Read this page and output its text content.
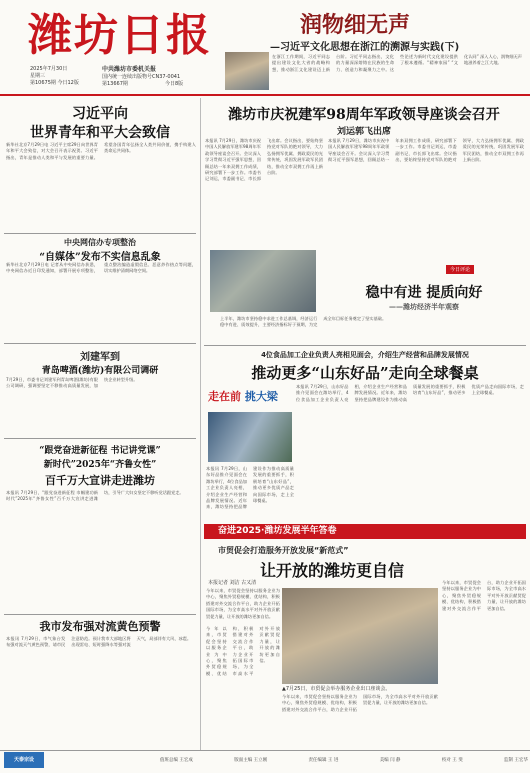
潍坊日报
2025年7月30日
星期三
第10675期 今日12版
中共潍坊市委机关报
国内统一连续出版物号CN37-0041
第13667期	今日8版
润物细无声
—习近平文化思想在浙江的溯源与实践(下)
在浙江工作期间，习近平同志提出建设文化大省的战略构想，推动浙江文化建设迈上新台阶。习近平同志指出，文化的力量深深熔铸在民族的生命力、创造力和凝聚力之中。这些论述为新时代文化建设提供了根本遵循。“精神家园” “文化认同” 深入人心，润物细无声地滋养着之江大地。
习近平向
世界青年和平大会致信
新华社北京7月29日电 习近平主席29日向世界青年和平大会致信，对大会召开表示祝贺。习近平指出，青年是推动人类和平与发展的重要力量。希望各国青年弘扬全人类共同价值，携手构建人类命运共同体。
中央网信办专项整治
“自媒体”发布不实信息乱象
新华社北京7月29日电 记者从中央网信办获悉，中央网信办近日印发通知，部署开展专项整治，重点整治编造虚假信息、恶意炒作热点等问题，切实维护清朗网络空间。
刘建军到
青岛啤酒(潍坊)有限公司调研
7月29日，市委书记刘建军到青岛啤酒(潍坊)有限公司调研，强调要坚定不移推动高质量发展，加快企业转型升级。
“跟党奋进新征程 书记讲党课”
新时代”2025年“齐鲁女性”
百千万大宣讲走进潍坊
本报讯 7月29日，“跟党奋进新征程 巾帼建功新时代”2025年“齐鲁女性”百千万大宣讲走进潍坊，引导广大妇女坚定不移听党话跟党走。
我市发布强对流黄色预警
本报讯 7月29日，市气象台发布强对流天气黄色预警，请市民注意防范。预计我市大部地区将出现雷电、短时强降水等强对流天气，局部伴有大风、冰雹。
潍坊市庆祝建军98周年军政领导座谈会召开
刘运郭飞出席
本报讯 7月29日，潍坊市庆祝中国人民解放军建军98周年军政领导座谈会召开。会议深入学习贯彻习近平强军思想，回顾总结一年来双拥工作成绩，研究部署下一步工作。市委书记刘运，市委副书记、市长郭飞出席。会议指出，要始终坚持党对军队的绝对领导，大力弘扬拥军优属、拥政爱民的光荣传统，巩固发展军政军民团结，推动全市双拥工作再上新台阶。
本报讯 7月29日，潍坊市庆祝中国人民解放军建军98周年军政领导座谈会召开。会议深入学习贯彻习近平强军思想，回顾总结一年来双拥工作成绩，研究部署下一步工作。市委书记刘运，市委副书记、市长郭飞出席。会议指出，要始终坚持党对军队的绝对领导，大力弘扬拥军优属、拥政爱民的光荣传统，巩固发展军政军民团结，推动全市双拥工作再上新台阶。
今日评论
稳中有进 提质向好
——潍坊经济半年观察
上半年，潍坊市坚持稳中求进工作总基调，经济运行稳中有进、质效提升，主要经济指标好于预期，为完成全年目标任务奠定了坚实基础。
4位食品加工企业负责人亮相见面会，介绍生产经营和品牌发展情况
推动更多“山东好品”走向全球餐桌
走在前 挑大梁
本报讯 7月29日，山东好品推介见面会在潍坊举行，4位食品加工企业负责人亮相，介绍企业生产经营和品牌发展情况。近年来，潍坊坚持把品牌建设作为推动高质量发展的重要抓手，积极培育“山东好品”，推动更多优质产品走向国际市场，走上全球餐桌。
本报讯 7月29日，山东好品推介见面会在潍坊举行，4位食品加工企业负责人亮相，介绍企业生产经营和品牌发展情况。近年来，潍坊坚持把品牌建设作为推动高质量发展的重要抓手，积极培育“山东好品”，推动更多优质产品走向国际市场，走上全球餐桌。
奋进2025·潍坊发展半年答卷
市贸促会打造服务开放发展“新范式”
让开放的潍坊更自信
本报记者 刘洁 古又清
今年以来，市贸促会坚持以服务企业为中心，聚焦外贸稳规模、优结构，积极搭建对外交流合作平台，助力企业开拓国际市场，为全市高水平对外开放贡献贸促力量，让开放的潍坊更加自信。
▲7月25日，市贸促会举办服务企业出口座谈会。
今年以来，市贸促会坚持以服务企业为中心，聚焦外贸稳规模、优结构，积极搭建对外交流合作平台，助力企业开拓国际市场，为全市高水平对外开放贡献贸促力量，让开放的潍坊更加自信。
今年以来，市贸促会坚持以服务企业为中心，聚焦外贸稳规模、优结构，积极搭建对外交流合作平台，助力企业开拓国际市场，为全市高水平对外开放贡献贸促力量，让开放的潍坊更加自信。
今年以来，市贸促会坚持以服务企业为中心，聚焦外贸稳规模、优结构，积极搭建对外交流合作平台，助力企业开拓国际市场，为全市高水平对外开放贡献贸促力量，让开放的潍坊更加自信。
天泰宗设	值班总编 王宏成	版面主编 王立刚	责任编辑 王 进	美编 闫 静	校对 王 斐	监制 王宏华
